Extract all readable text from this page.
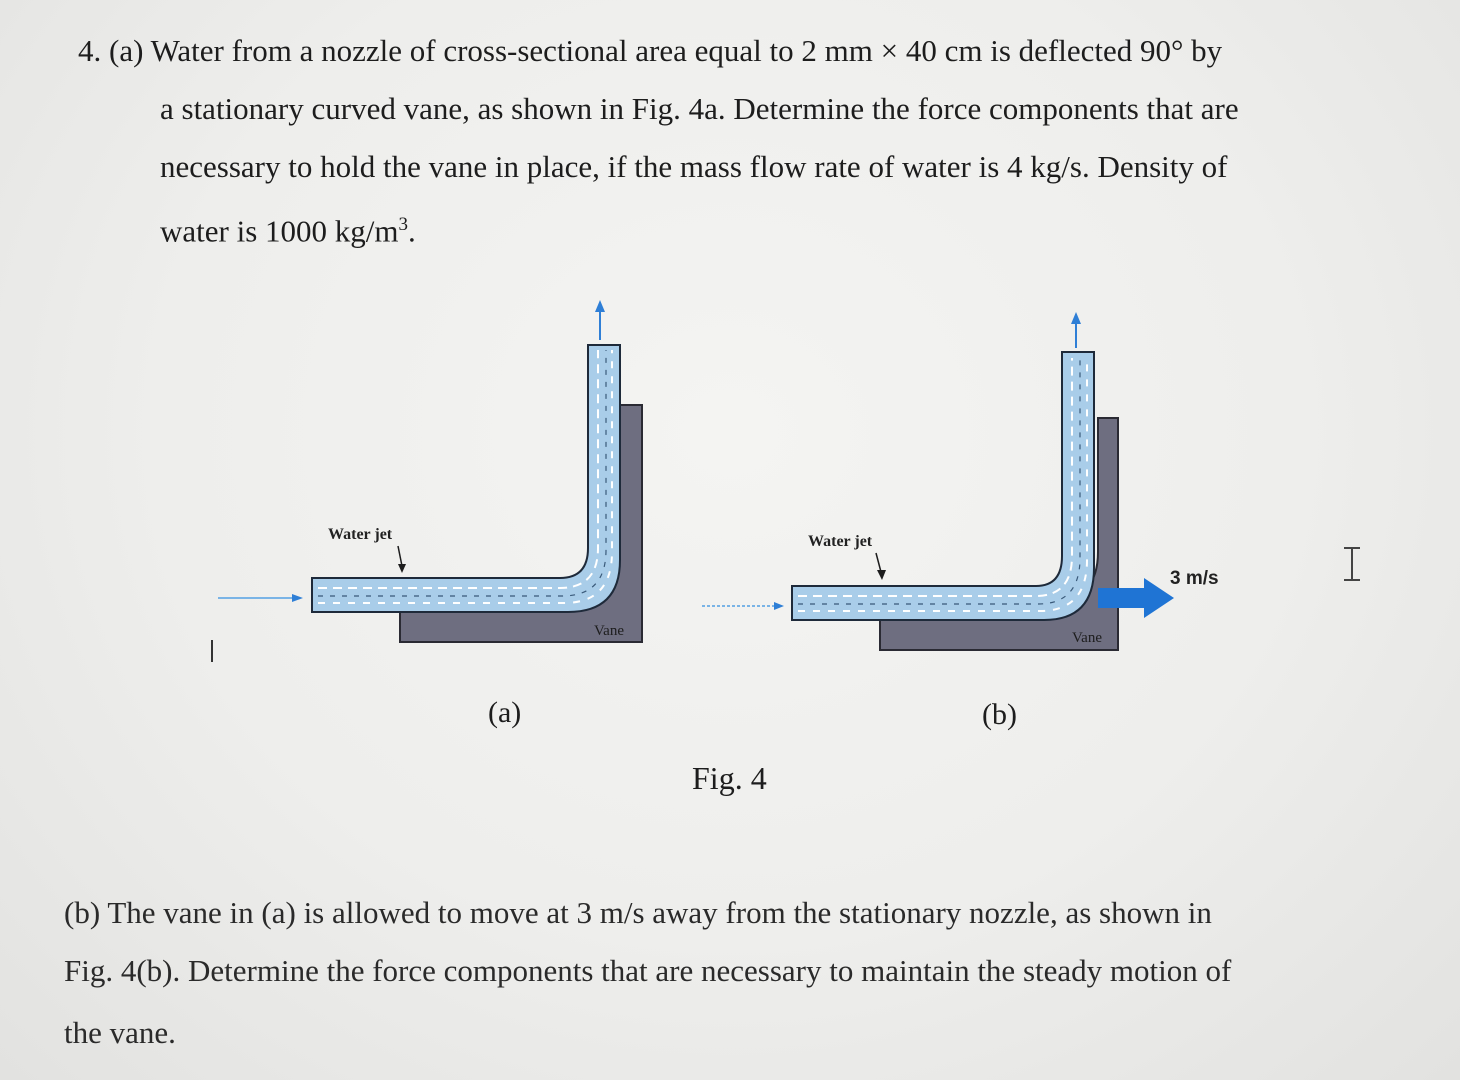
4. (a) Water from a nozzle of cross-sectional area equal to 2 mm × 40 cm is deflected 90° by
a stationary curved vane, as shown in Fig. 4a. Determine the force components that are
necessary to hold the vane in place, if the mass flow rate of water is 4 kg/s. Density of
water is 1000 $kg/m^3$.
Water jet
Vane
Water jet
Vane
3 m/s
(a)	(b)
Fig. 4
(b) The vane in (a) is allowed to move at 3 m/s away from the stationary nozzle, as shown in
Fig. 4(b). Determine the force components that are necessary to maintain the steady motion of
the vane.
